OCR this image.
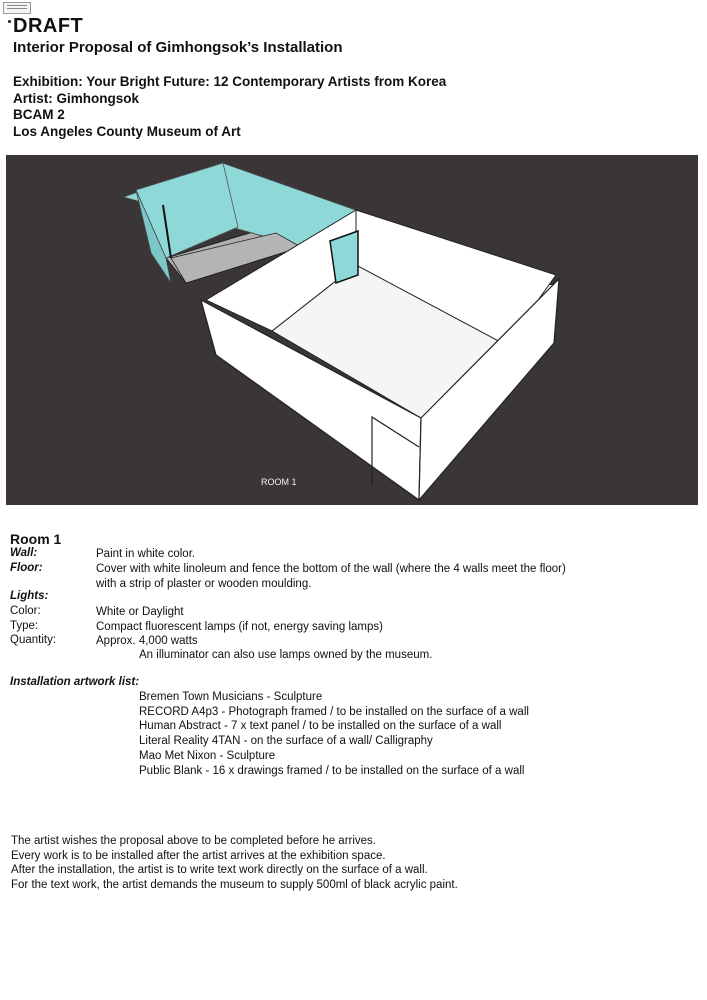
DRAFT
Interior Proposal of Gimhongsok’s Installation
Exhibition: Your Bright Future: 12 Contemporary Artists from Korea
Artist: Gimhongsok
BCAM 2
Los Angeles County Museum of Art
ROOM 1
Room 1
Wall:	Paint in white color.
Floor:	Cover with white linoleum and fence the bottom of the wall (where the 4 walls meet the floor)
with a strip of plaster or wooden moulding.
Lights:
Color:	White or Daylight
Type:	Compact fluorescent lamps (if not, energy saving lamps)
Quantity:	Approx. 4,000 watts
An illuminator can also use lamps owned by the museum.
Installation artwork list:
Bremen Town Musicians - Sculpture
RECORD A4p3 - Photograph framed / to be installed on the surface of a wall
Human Abstract - 7 x text panel / to be installed on the surface of a wall
Literal Reality 4TAN - on the surface of a wall/ Calligraphy
Mao Met Nixon - Sculpture
Public Blank - 16 x drawings framed / to be installed on the surface of a wall
The artist wishes the proposal above to be completed before he arrives.
Every work is to be installed after the artist arrives at the exhibition space.
After the installation, the artist is to write text work directly on the surface of a wall.
For the text work, the artist demands the museum to supply 500ml of black acrylic paint.
